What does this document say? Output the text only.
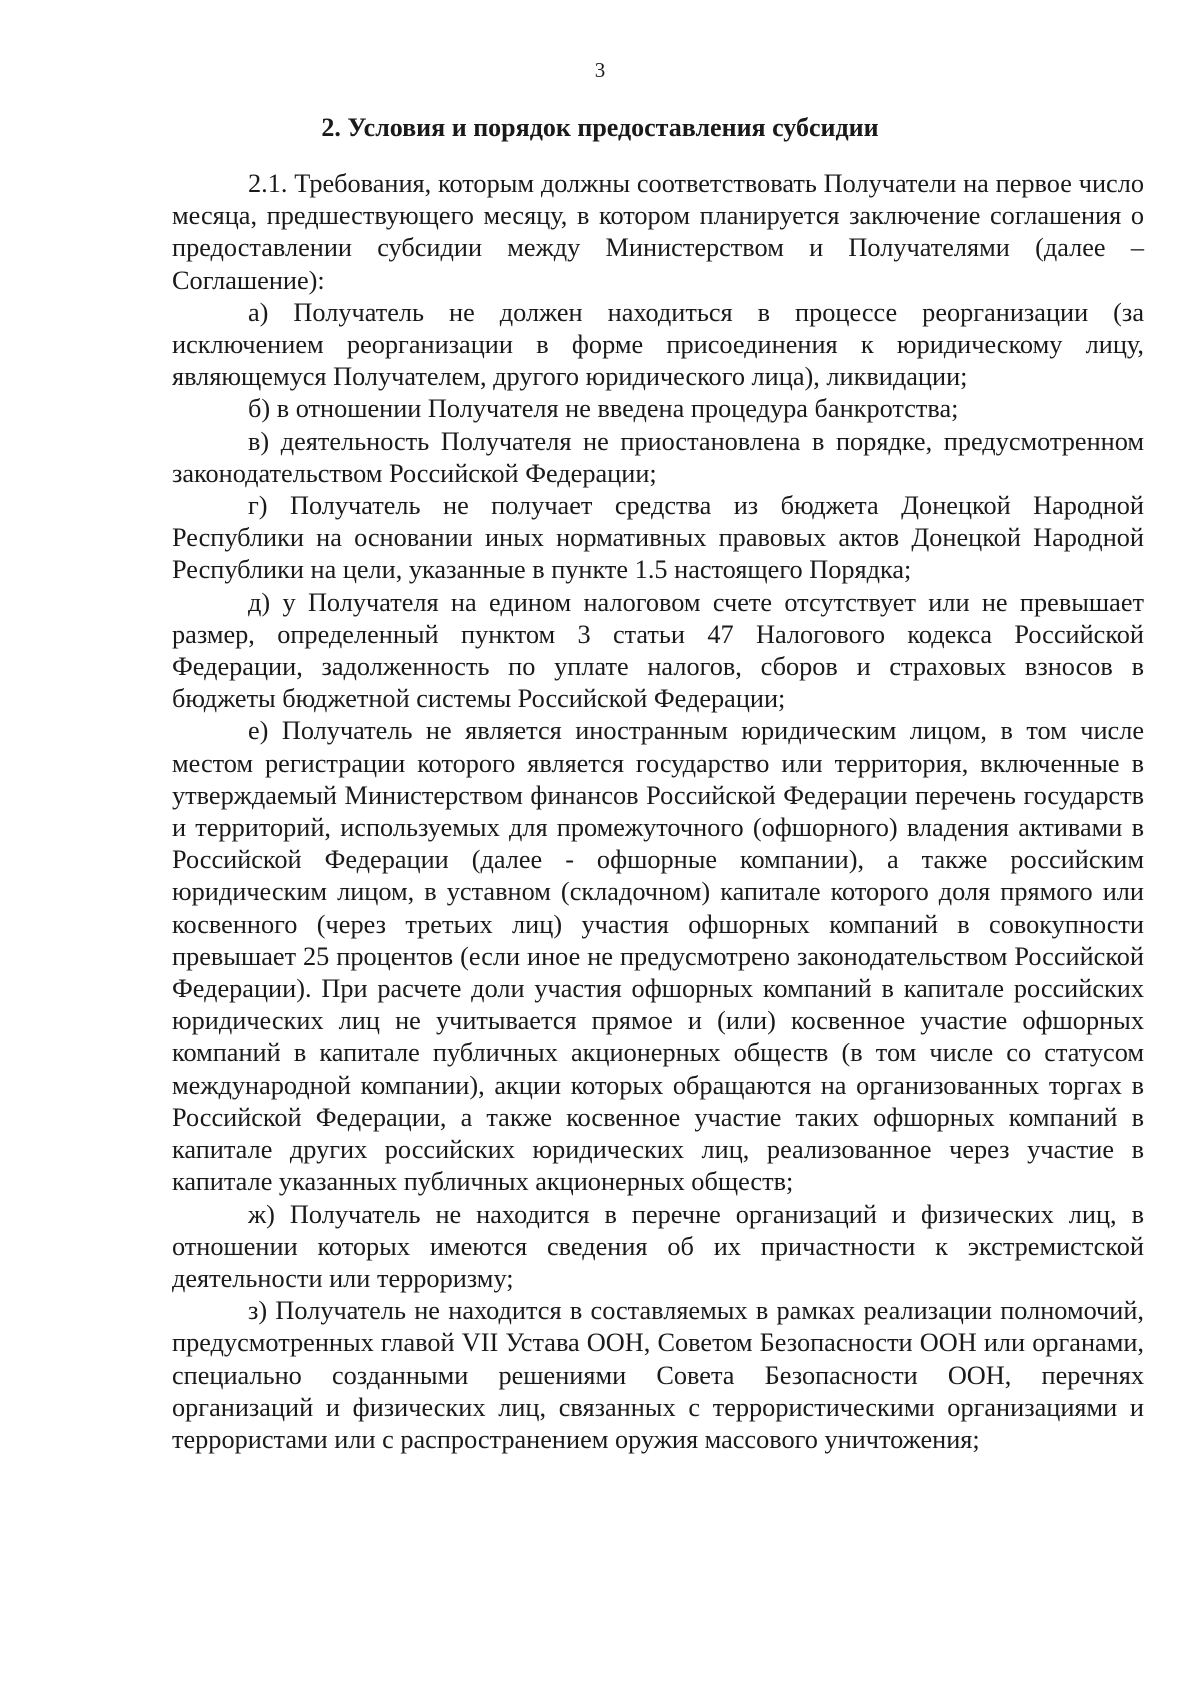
3
2. Условия и порядок предоставления субсидии

2.1. Требования, которым должны соответствовать Получатели на первое число месяца, предшествующего месяцу, в котором планируется заключение соглашения о предоставлении субсидии между Министерством и Получателями (далее – Соглашение):

а) Получатель не должен находиться в процессе реорганизации (за исключением реорганизации в форме присоединения к юридическому лицу, являющемуся Получателем, другого юридического лица), ликвидации;

б) в отношении Получателя не введена процедура банкротства;

в) деятельность Получателя не приостановлена в порядке, предусмотренном законодательством Российской Федерации;

г) Получатель не получает средства из бюджета Донецкой Народной Республики на основании иных нормативных правовых актов Донецкой Народной Республики на цели, указанные в пункте 1.5 настоящего Порядка;

д) у Получателя на едином налоговом счете отсутствует или не превышает размер, определенный пунктом 3 статьи 47 Налогового кодекса Российской Федерации, задолженность по уплате налогов, сборов и страховых взносов в бюджеты бюджетной системы Российской Федерации;

е) Получатель не является иностранным юридическим лицом, в том числе местом регистрации которого является государство или территория, включенные в утверждаемый Министерством финансов Российской Федерации перечень государств и территорий, используемых для промежуточного (офшорного) владения активами в Российской Федерации (далее - офшорные компании), а также российским юридическим лицом, в уставном (складочном) капитале которого доля прямого или косвенного (через третьих лиц) участия офшорных компаний в совокупности превышает 25 процентов (если иное не предусмотрено законодательством Российской Федерации). При расчете доли участия офшорных компаний в капитале российских юридических лиц не учитывается прямое и (или) косвенное участие офшорных компаний в капитале публичных акционерных обществ (в том числе со статусом международной компании), акции которых обращаются на организованных торгах в Российской Федерации, а также косвенное участие таких офшорных компаний в капитале других российских юридических лиц, реализованное через участие в капитале указанных публичных акционерных обществ;

ж) Получатель не находится в перечне организаций и физических лиц, в отношении которых имеются сведения об их причастности к экстремистской деятельности или терроризму;

з) Получатель не находится в составляемых в рамках реализации полномочий, предусмотренных главой VII Устава ООН, Советом Безопасности ООН или органами, специально созданными решениями Совета Безопасности ООН, перечнях организаций и физических лиц, связанных с террористическими организациями и террористами или с распространением оружия массового уничтожения;
